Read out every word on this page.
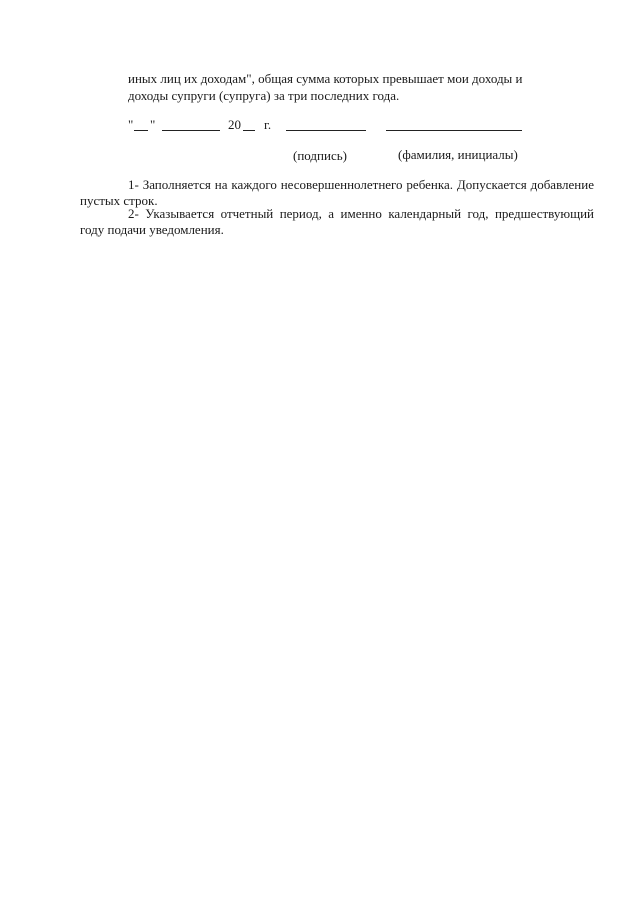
иных лиц их доходам", общая сумма которых превышает мои доходы и
доходы супруги (супруга) за три последних года.
" "	20 г.
(подпись)	(фамилия, инициалы)
1- Заполняется на каждого несовершеннолетнего ребенка. Допускается добавление пустых строк.
2- Указывается отчетный период, а именно календарный год, предшествующий году подачи уведомления.
